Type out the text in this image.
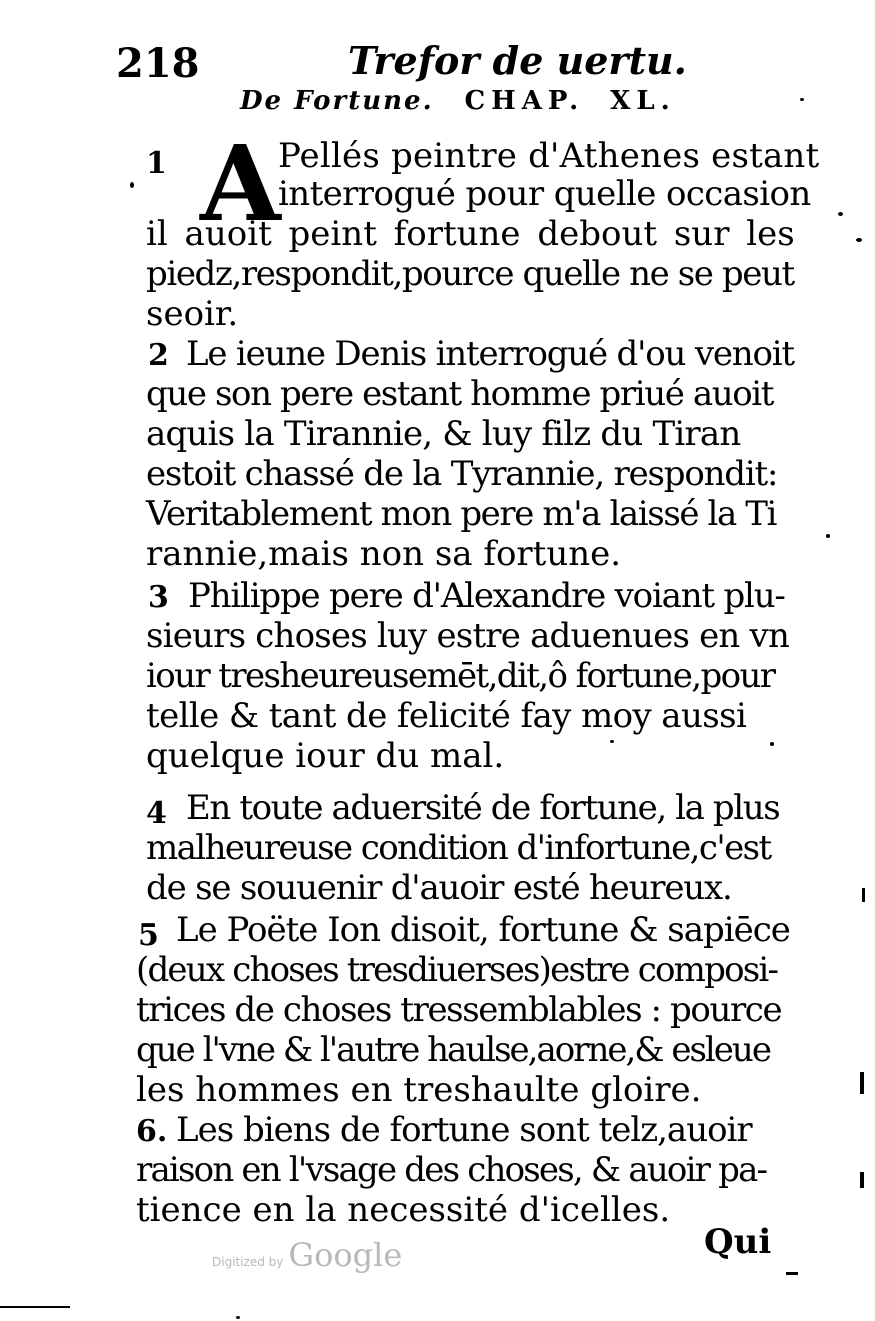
218	Trefor de uertu.
De Fortune. CHAP. XL.
1 A
Pellés peintre d'Athenes estant
interrogué pour quelle occasion
il auoit peint fortune debout sur les
piedz,respondit,pource quelle ne se peut
seoir.
2 Le ieune Denis interrogué d'ou venoit
que son pere estant homme priué auoit
aquis la Tirannie, & luy filz du Tiran
estoit chassé de la Tyrannie, respondit:
Veritablement mon pere m'a laissé la Ti
rannie,mais non sa fortune.
3 Philippe pere d'Alexandre voiant plu-
sieurs choses luy estre aduenues en vn
iour tresheureusemēt,dit,ô fortune,pour
telle & tant de felicité fay moy aussi
quelque iour du mal.
4 En toute aduersité de fortune, la plus
malheureuse condition d'infortune,c'est
de se souuenir d'auoir esté heureux.
5 Le Poëte Ion disoit, fortune & sapiēce
(deux choses tresdiuerses)estre composi-
trices de choses tressemblables : pource
que l'vne & l'autre haulse,aorne,& esleue
les hommes en treshaulte gloire.
6. Les biens de fortune sont telz,auoir
raison en l'vsage des choses, & auoir pa-
tience en la necessité d'icelles.
Qui
Digitized by Google
